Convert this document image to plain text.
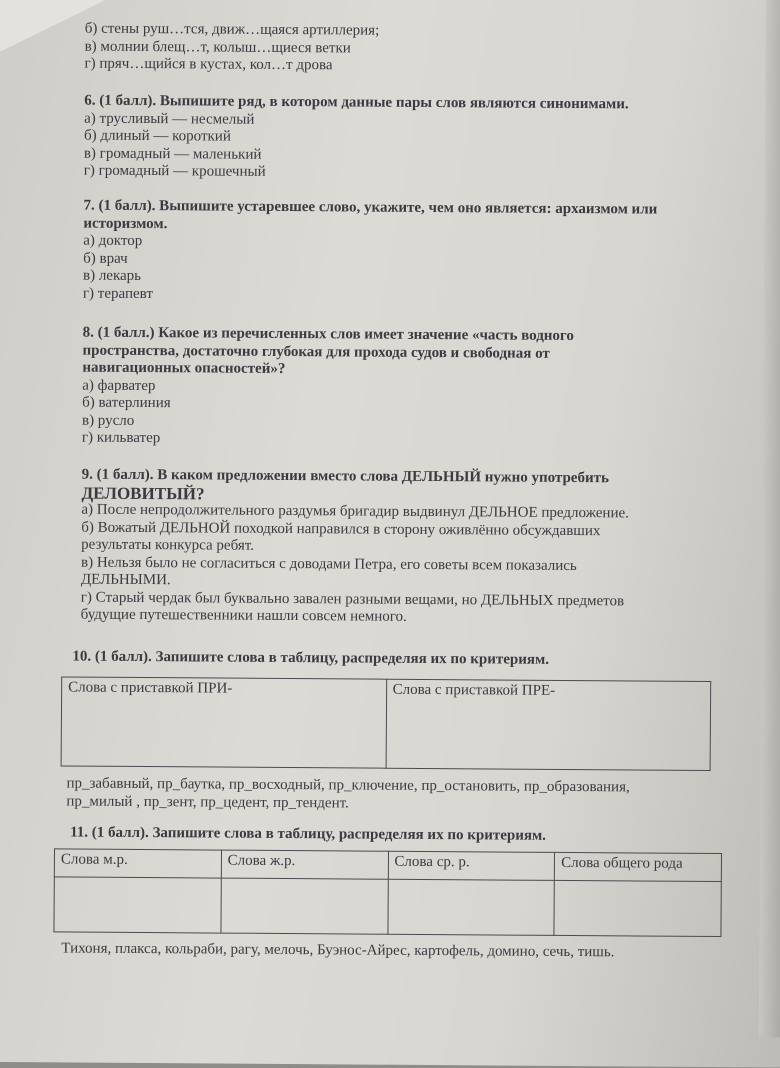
б) стены руш…тся, движ…щаяся артиллерия;
в) молнии блещ…т, колыш…щиеся ветки
г) пряч…щийся в кустах, кол…т дрова
6. (1 балл). Выпишите ряд, в котором данные пары слов являются синонимами.
а) трусливый — несмелый
б) длиный — короткий
в) громадный — маленький
г) громадный — крошечный
7. (1 балл). Выпишите устаревшее слово, укажите, чем оно является: архаизмом или
историзмом.
а) доктор
б) врач
в) лекарь
г) терапевт
8. (1 балл.) Какое из перечисленных слов имеет значение «часть водного
пространства, достаточно глубокая для прохода судов и свободная от
навигационных опасностей»?
а) фарватер
б) ватерлиния
в) русло
г) кильватер
9. (1 балл). В каком предложении вместо слова ДЕЛЬНЫЙ нужно употребить
ДЕЛОВИТЫЙ?
а) После непродолжительного раздумья бригадир выдвинул ДЕЛЬНОЕ предложение.
б) Вожатый ДЕЛЬНОЙ походкой направился в сторону оживлённо обсуждавших
результаты конкурса ребят.
в) Нельзя было не согласиться с доводами Петра, его советы всем показались
ДЕЛЬНЫМИ.
г) Старый чердак был буквально завален разными вещами, но ДЕЛЬНЫХ предметов
будущие путешественники нашли совсем немного.
10. (1 балл). Запишите слова в таблицу, распределяя их по критериям.
Слова с приставкой ПРИ-	Слова с приставкой ПРЕ-
пр_забавный, пр_баутка, пр_восходный, пр_ключение, пр_остановить, пр_образования,
пр_милый , пр_зент, пр_цедент, пр_тендент.
11. (1 балл). Запишите слова в таблицу, распределяя их по критериям.
Слова м.р.	Слова ж.р.	Слова ср. р.	Слова общего рода

Тихоня, плакса, кольраби, рагу, мелочь, Буэнос-Айрес, картофель, домино, сечь, тишь.
